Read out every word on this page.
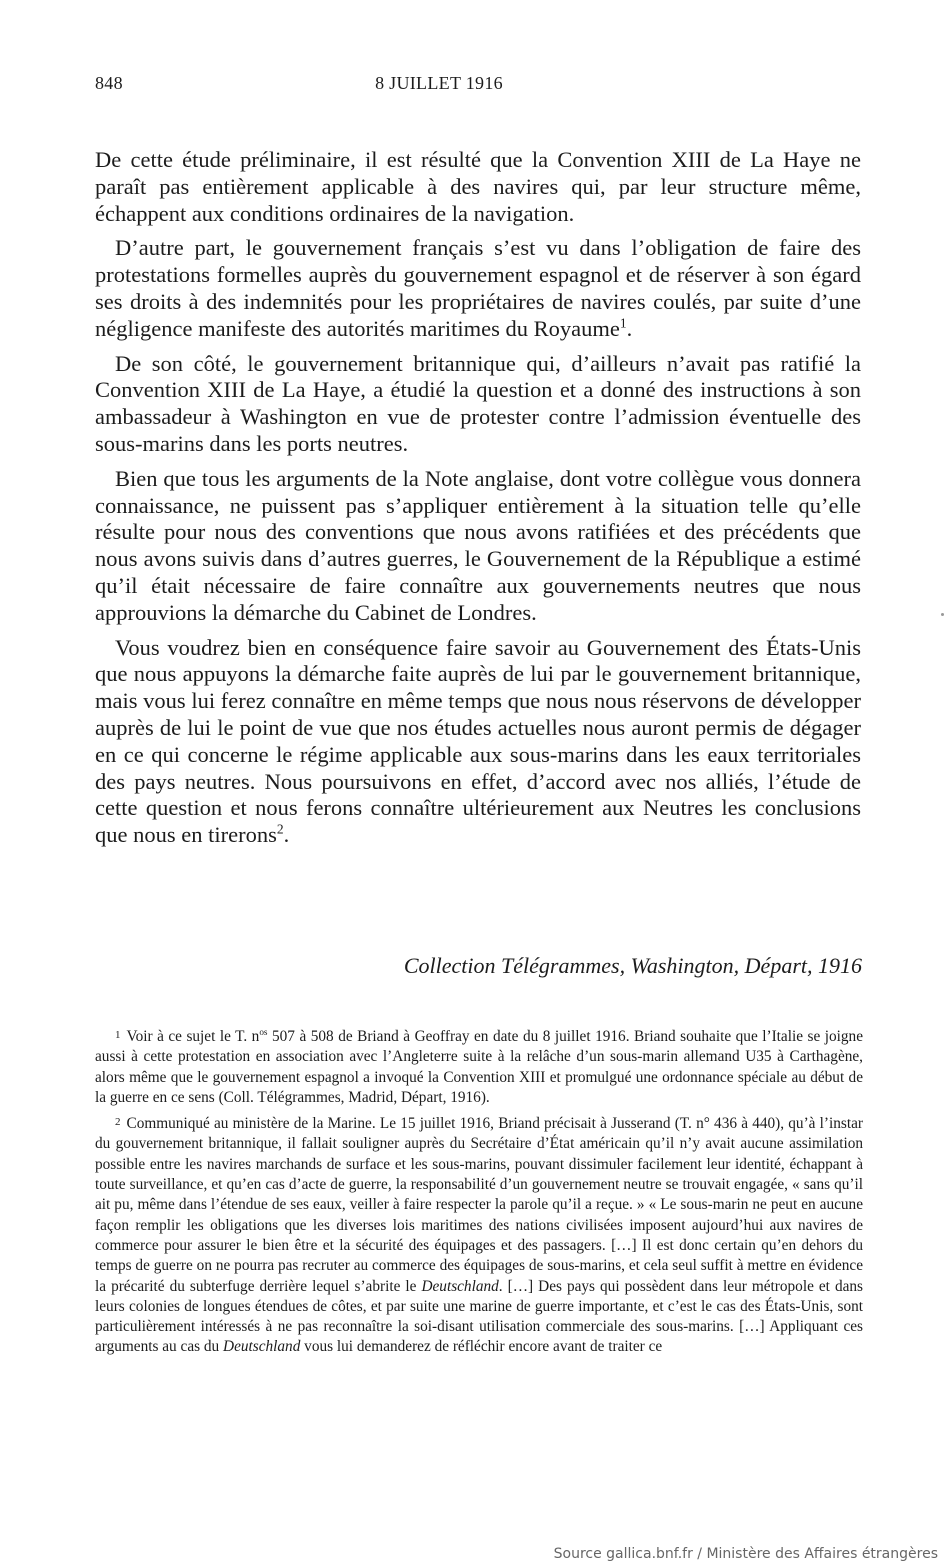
848	8 JUILLET 1916

De cette étude préliminaire, il est résulté que la Convention XIII de La Haye ne paraît pas entièrement applicable à des navires qui, par leur structure même, échappent aux conditions ordinaires de la navigation.

D’autre part, le gouvernement français s’est vu dans l’obligation de faire des protestations formelles auprès du gouvernement espagnol et de réserver à son égard ses droits à des indemnités pour les propriétaires de navires coulés, par suite d’une négligence manifeste des autorités maritimes du Royaume$^1$.

De son côté, le gouvernement britannique qui, d’ailleurs n’avait pas ratifié la Convention XIII de La Haye, a étudié la question et a donné des instructions à son ambassadeur à Washington en vue de protester contre l’admission éventuelle des sous-marins dans les ports neutres.

Bien que tous les arguments de la Note anglaise, dont votre collègue vous donnera connaissance, ne puissent pas s’appliquer entièrement à la situation telle qu’elle résulte pour nous des conventions que nous avons ratifiées et des précédents que nous avons suivis dans d’autres guerres, le Gouvernement de la République a estimé qu’il était nécessaire de faire connaître aux gouvernements neutres que nous approuvions la démarche du Cabinet de Londres.

Vous voudrez bien en conséquence faire savoir au Gouvernement des États-Unis que nous appuyons la démarche faite auprès de lui par le gouvernement britannique, mais vous lui ferez connaître en même temps que nous nous réservons de développer auprès de lui le point de vue que nos études actuelles nous auront permis de dégager en ce qui concerne le régime applicable aux sous-marins dans les eaux territoriales des pays neutres. Nous poursuivons en effet, d’accord avec nos alliés, l’étude de cette question et nous ferons connaître ultérieurement aux Neutres les conclusions que nous en tirerons$^2$.

Collection Télégrammes, Washington, Départ, 1916

1 Voir à ce sujet le T. $n^{os}$ 507 à 508 de Briand à Geoffray en date du 8 juillet 1916. Briand souhaite que l’Italie se joigne aussi à cette protestation en association avec l’Angleterre suite à la relâche d’un sous-marin allemand U35 à Carthagène, alors même que le gouvernement espagnol a invoqué la Convention XIII et promulgué une ordonnance spéciale au début de la guerre en ce sens (Coll. Télégrammes, Madrid, Départ, 1916).

2 Communiqué au ministère de la Marine. Le 15 juillet 1916, Briand précisait à Jusserand (T. n° 436 à 440), qu’à l’instar du gouvernement britannique, il fallait souligner auprès du Secrétaire d’État américain qu’il n’y avait aucune assimilation possible entre les navires marchands de surface et les sous-marins, pouvant dissimuler facilement leur identité, échappant à toute surveillance, et qu’en cas d’acte de guerre, la responsabilité d’un gouvernement neutre se trouvait engagée, « sans qu’il ait pu, même dans l’étendue de ses eaux, veiller à faire respecter la parole qu’il a reçue. » « Le sous-marin ne peut en aucune façon remplir les obligations que les diverses lois maritimes des nations civilisées imposent aujourd’hui aux navires de commerce pour assurer le bien être et la sécurité des équipages et des passagers. […] Il est donc certain qu’en dehors du temps de guerre on ne pourra pas recruter au commerce des équipages de sous-marins, et cela seul suffit à mettre en évidence la précarité du subterfuge derrière lequel s’abrite le Deutschland. […] Des pays qui possèdent dans leur métropole et dans leurs colonies de longues étendues de côtes, et par suite une marine de guerre importante, et c’est le cas des États-Unis, sont particulièrement intéressés à ne pas reconnaître la soi-disant utilisation commerciale des sous-marins. […] Appliquant ces arguments au cas du Deutschland vous lui demanderez de réfléchir encore avant de traiter ce

Source gallica.bnf.fr / Ministère des Affaires étrangères
